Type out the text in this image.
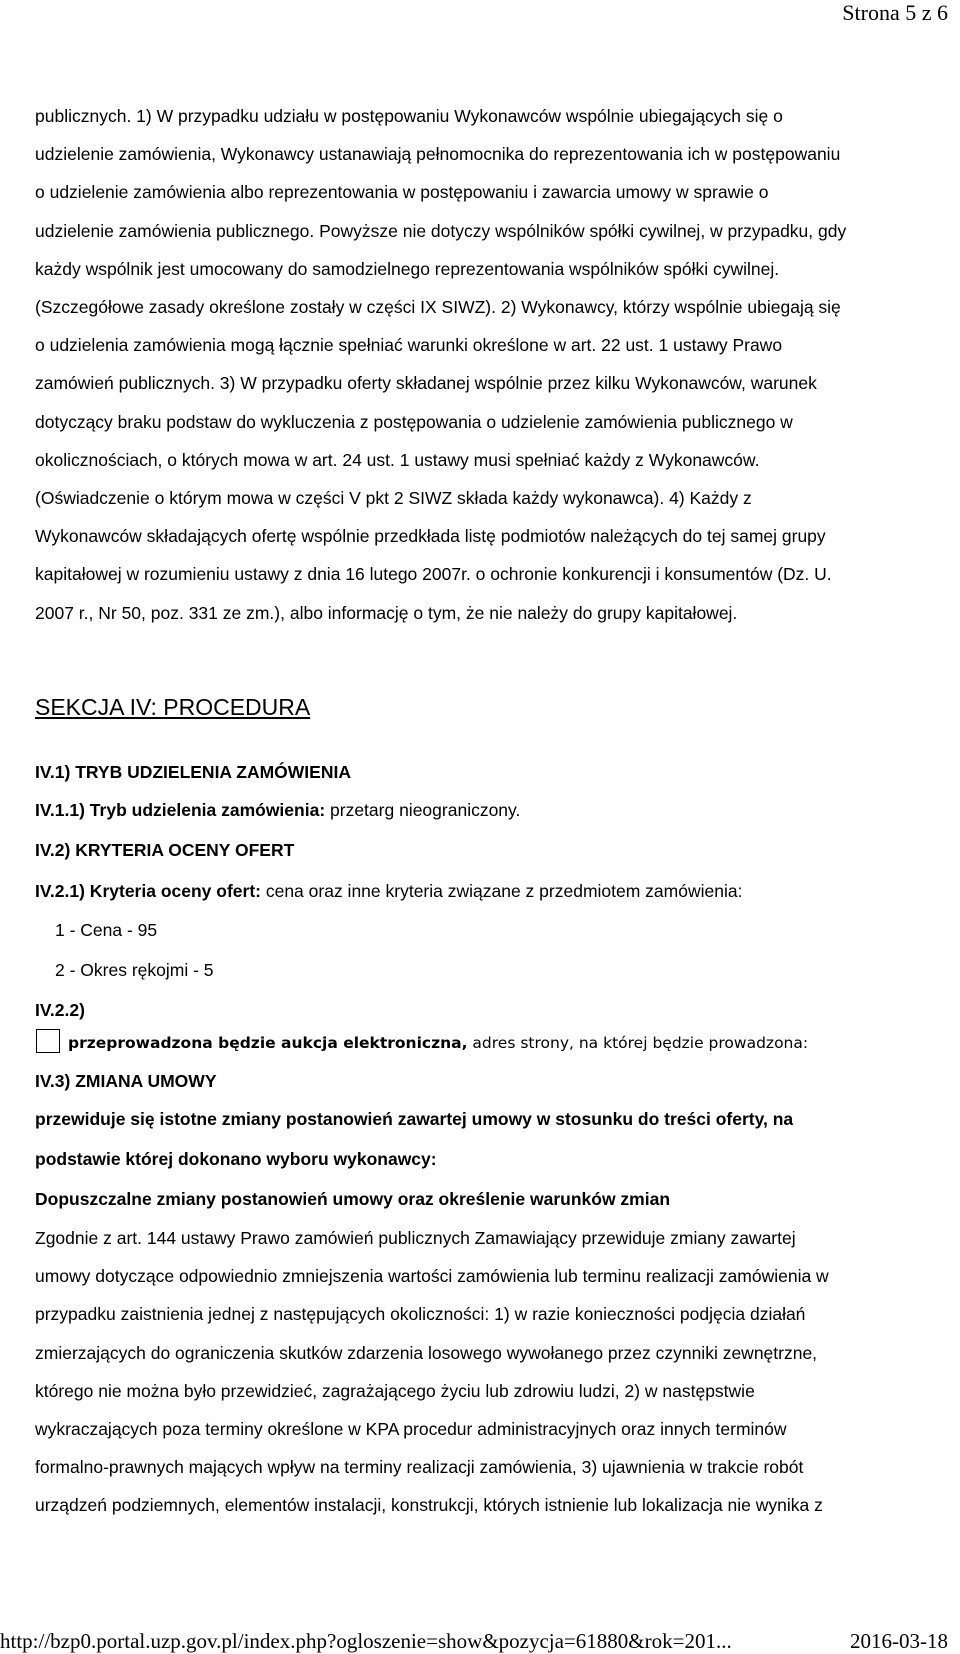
Strona 5 z 6
publicznych. 1) W przypadku udziału w postępowaniu Wykonawców wspólnie ubiegających się o
udzielenie zamówienia, Wykonawcy ustanawiają pełnomocnika do reprezentowania ich w postępowaniu
o udzielenie zamówienia albo reprezentowania w postępowaniu i zawarcia umowy w sprawie o
udzielenie zamówienia publicznego. Powyższe nie dotyczy wspólników spółki cywilnej, w przypadku, gdy
każdy wspólnik jest umocowany do samodzielnego reprezentowania wspólników spółki cywilnej.
(Szczegółowe zasady określone zostały w części IX SIWZ). 2) Wykonawcy, którzy wspólnie ubiegają się
o udzielenia zamówienia mogą łącznie spełniać warunki określone w art. 22 ust. 1 ustawy Prawo
zamówień publicznych. 3) W przypadku oferty składanej wspólnie przez kilku Wykonawców, warunek
dotyczący braku podstaw do wykluczenia z postępowania o udzielenie zamówienia publicznego w
okolicznościach, o których mowa w art. 24 ust. 1 ustawy musi spełniać każdy z Wykonawców.
(Oświadczenie o którym mowa w części V pkt 2 SIWZ składa każdy wykonawca). 4) Każdy z
Wykonawców składających ofertę wspólnie przedkłada listę podmiotów należących do tej samej grupy
kapitałowej w rozumieniu ustawy z dnia 16 lutego 2007r. o ochronie konkurencji i konsumentów (Dz. U.
2007 r., Nr 50, poz. 331 ze zm.), albo informację o tym, że nie należy do grupy kapitałowej.
SEKCJA IV: PROCEDURA
IV.1) TRYB UDZIELENIA ZAMÓWIENIA
IV.1.1) Tryb udzielenia zamówienia: przetarg nieograniczony.
IV.2) KRYTERIA OCENY OFERT
IV.2.1) Kryteria oceny ofert: cena oraz inne kryteria związane z przedmiotem zamówienia:
1 - Cena - 95
2 - Okres rękojmi - 5
IV.2.2)
przeprowadzona będzie aukcja elektroniczna, adres strony, na której będzie prowadzona:
IV.3) ZMIANA UMOWY
przewiduje się istotne zmiany postanowień zawartej umowy w stosunku do treści oferty, na
podstawie której dokonano wyboru wykonawcy:
Dopuszczalne zmiany postanowień umowy oraz określenie warunków zmian
Zgodnie z art. 144 ustawy Prawo zamówień publicznych Zamawiający przewiduje zmiany zawartej
umowy dotyczące odpowiednio zmniejszenia wartości zamówienia lub terminu realizacji zamówienia w
przypadku zaistnienia jednej z następujących okoliczności: 1) w razie konieczności podjęcia działań
zmierzających do ograniczenia skutków zdarzenia losowego wywołanego przez czynniki zewnętrzne,
którego nie można było przewidzieć, zagrażającego życiu lub zdrowiu ludzi, 2) w następstwie
wykraczających poza terminy określone w KPA procedur administracyjnych oraz innych terminów
formalno-prawnych mających wpływ na terminy realizacji zamówienia, 3) ujawnienia w trakcie robót
urządzeń podziemnych, elementów instalacji, konstrukcji, których istnienie lub lokalizacja nie wynika z
http://bzp0.portal.uzp.gov.pl/index.php?ogloszenie=show&pozycja=61880&rok=201...	2016-03-18
